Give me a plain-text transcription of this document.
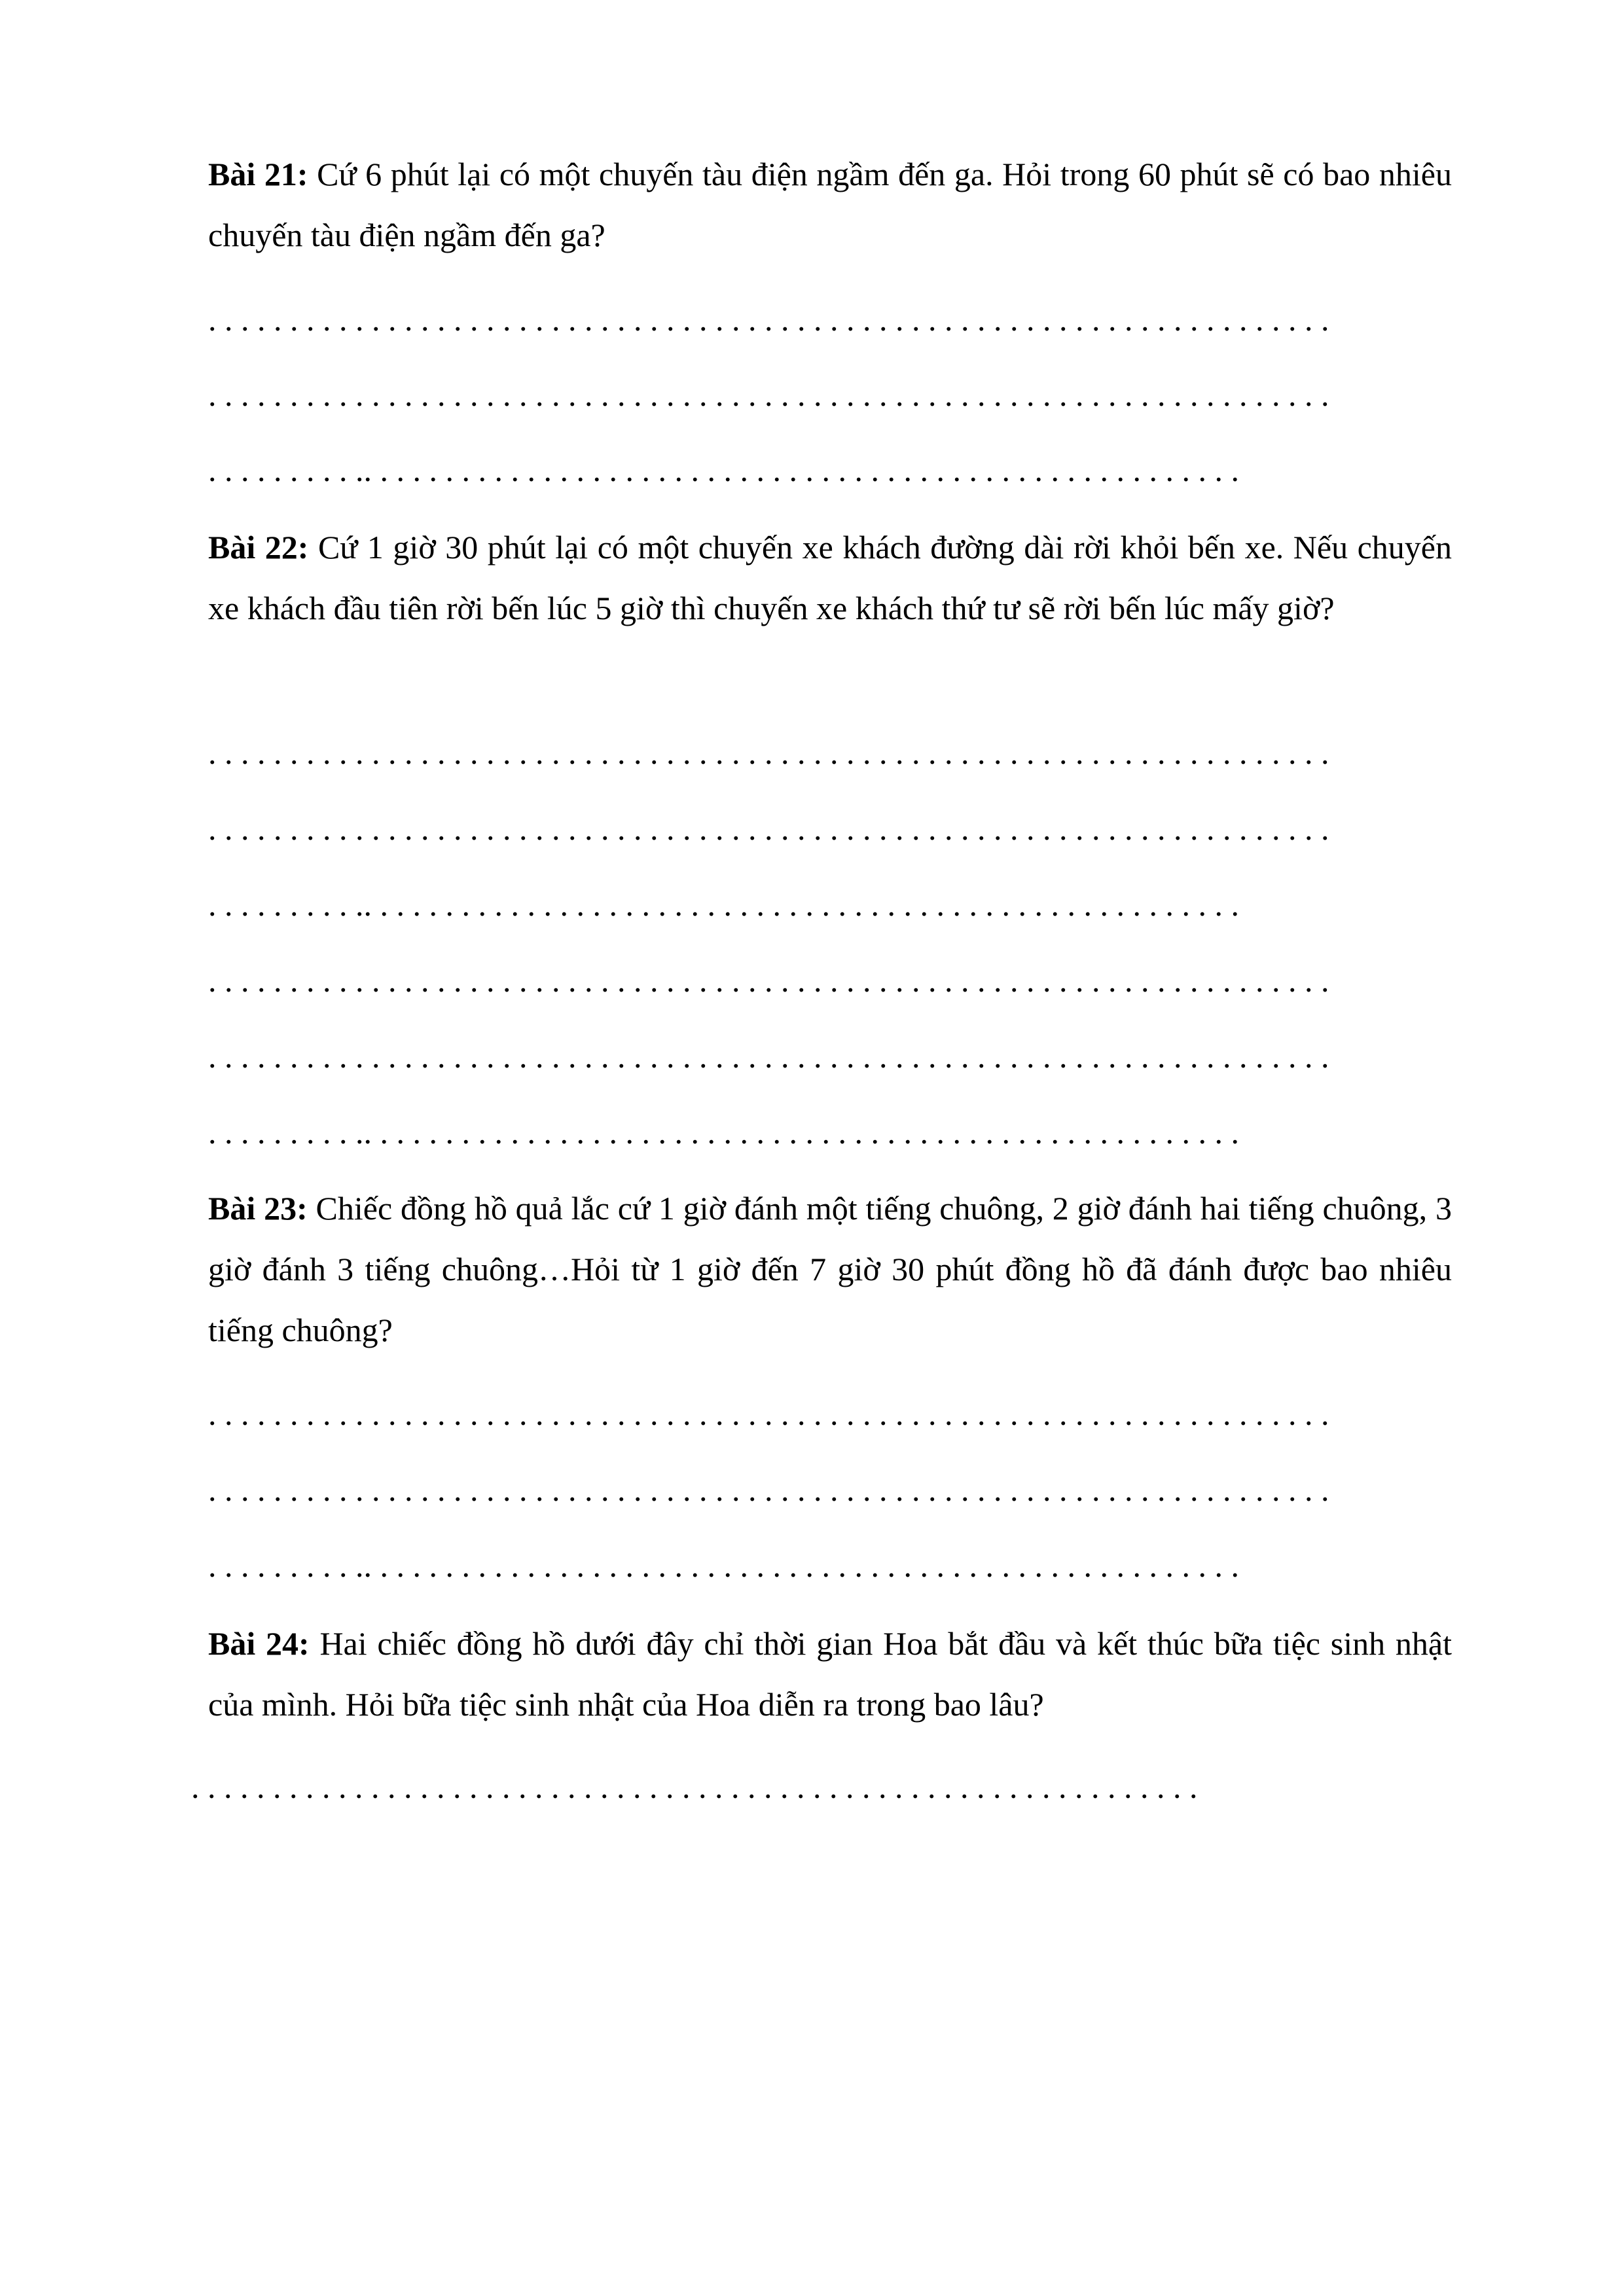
Bài 21: Cứ 6 phút lại có một chuyến tàu điện ngầm đến ga. Hỏi trong 60 phút sẽ có bao nhiêu chuyến tàu điện ngầm đến ga?
. . . . . . . . . . . . . . . . . . . . . . . . . . . . . . . . . . . . . . . . . . . . . . . . . . . . . . . . . . . . . . . . . . . . .
. . . . . . . . . . . . . . . . . . . . . . . . . . . . . . . . . . . . . . . . . . . . . . . . . . . . . . . . . . . . . . . . . . . . .
. . . . . . . . . .. . . . . . . . . . . . . . . . . . . . . . . . . . . . . . . . . . . . . . . . . . . . . . . . . . . . . .
Bài 22: Cứ 1 giờ 30 phút lại có một chuyến xe khách đường dài rời khỏi bến xe. Nếu chuyến xe khách đầu tiên rời bến lúc 5 giờ thì chuyến xe khách thứ tư sẽ rời bến lúc mấy giờ?
. . . . . . . . . . . . . . . . . . . . . . . . . . . . . . . . . . . . . . . . . . . . . . . . . . . . . . . . . . . . . . . . . . . . .
. . . . . . . . . . . . . . . . . . . . . . . . . . . . . . . . . . . . . . . . . . . . . . . . . . . . . . . . . . . . . . . . . . . . .
. . . . . . . . . .. . . . . . . . . . . . . . . . . . . . . . . . . . . . . . . . . . . . . . . . . . . . . . . . . . . . . .
. . . . . . . . . . . . . . . . . . . . . . . . . . . . . . . . . . . . . . . . . . . . . . . . . . . . . . . . . . . . . . . . . . . . .
. . . . . . . . . . . . . . . . . . . . . . . . . . . . . . . . . . . . . . . . . . . . . . . . . . . . . . . . . . . . . . . . . . . . .
. . . . . . . . . .. . . . . . . . . . . . . . . . . . . . . . . . . . . . . . . . . . . . . . . . . . . . . . . . . . . . . .
Bài 23: Chiếc đồng hồ quả lắc cứ 1 giờ đánh một tiếng chuông, 2 giờ đánh hai tiếng chuông, 3 giờ đánh 3 tiếng chuông…Hỏi từ 1 giờ đến 7 giờ 30 phút đồng hồ đã đánh được bao nhiêu tiếng chuông?
. . . . . . . . . . . . . . . . . . . . . . . . . . . . . . . . . . . . . . . . . . . . . . . . . . . . . . . . . . . . . . . . . . . . .
. . . . . . . . . . . . . . . . . . . . . . . . . . . . . . . . . . . . . . . . . . . . . . . . . . . . . . . . . . . . . . . . . . . . .
. . . . . . . . . .. . . . . . . . . . . . . . . . . . . . . . . . . . . . . . . . . . . . . . . . . . . . . . . . . . . . . .
Bài 24: Hai chiếc đồng hồ dưới đây chỉ thời gian Hoa bắt đầu và kết thúc bữa tiệc sinh nhật của mình. Hỏi bữa tiệc sinh nhật của Hoa diễn ra trong bao lâu?
. . . . . . . . . . . . . . . . . . . . . . . . . . . . . . . . . . . . . . . . . . . . . . . . . . . . . . . . . . . . . .
